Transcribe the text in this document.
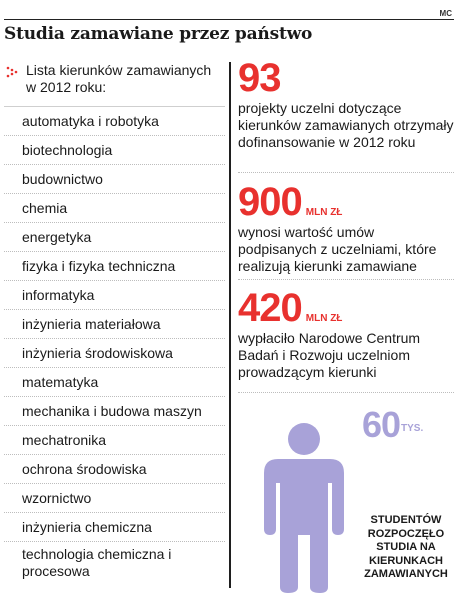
MC
Studia zamawiane przez państwo
Lista kierunków zamawianych w 2012 roku:
automatyka i robotyka
biotechnologia
budownictwo
chemia
energetyka
fizyka i fizyka techniczna
informatyka
inżynieria materiałowa
inżynieria środowiskowa
matematyka
mechanika i budowa maszyn
mechatronika
ochrona środowiska
wzornictwo
inżynieria chemiczna
technologia chemiczna i procesowa
93
projekty uczelni dotyczące kierunków zamawianych otrzymały dofinansowanie w 2012 roku
900 MLN ZŁ
wynosi wartość umów podpisanych z uczelniami, które realizują kierunki zamawiane
420 MLN ZŁ
wypłaciło Narodowe Centrum Badań i Rozwoju uczelniom prowadzącym kierunki
60 TYS.
STUDENTÓW ROZPOCZĘŁO STUDIA NA KIERUNKACH ZAMAWIANYCH
